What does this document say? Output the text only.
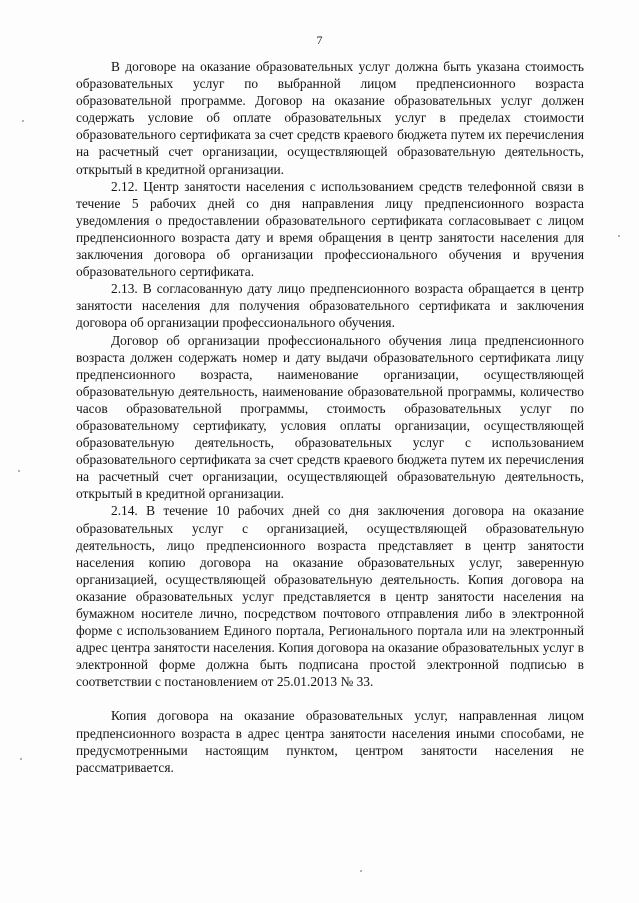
7

В договоре на оказание образовательных услуг должна быть указана стоимость образовательных услуг по выбранной лицом предпенсионного возраста образовательной программе. Договор на оказание образовательных услуг должен содержать условие об оплате образовательных услуг в пределах стоимости образовательного сертификата за счет средств краевого бюджета путем их перечисления на расчетный счет организации, осуществляющей образовательную деятельность, открытый в кредитной организации.

2.12. Центр занятости населения с использованием средств телефонной связи в течение 5 рабочих дней со дня направления лицу предпенсионного возраста уведомления о предоставлении образовательного сертификата согласовывает с лицом предпенсионного возраста дату и время обращения в центр занятости населения для заключения договора об организации профессионального обучения и вручения образовательного сертификата.

2.13. В согласованную дату лицо предпенсионного возраста обращается в центр занятости населения для получения образовательного сертификата и заключения договора об организации профессионального обучения.

Договор об организации профессионального обучения лица предпенсионного возраста должен содержать номер и дату выдачи образовательного сертификата лицу предпенсионного возраста, наименование организации, осуществляющей образовательную деятельность, наименование образовательной программы, количество часов образовательной программы, стоимость образовательных услуг по образовательному сертификату, условия оплаты организации, осуществляющей образовательную деятельность, образовательных услуг с использованием образовательного сертификата за счет средств краевого бюджета путем их перечисления на расчетный счет организации, осуществляющей образовательную деятельность, открытый в кредитной организации.

2.14. В течение 10 рабочих дней со дня заключения договора на оказание образовательных услуг с организацией, осуществляющей образовательную деятельность, лицо предпенсионного возраста представляет в центр занятости населения копию договора на оказание образовательных услуг, заверенную организацией, осуществляющей образовательную деятельность. Копия договора на оказание образовательных услуг представляется в центр занятости населения на бумажном носителе лично, посредством почтового отправления либо в электронной форме с использованием Единого портала, Регионального портала или на электронный адрес центра занятости населения. Копия договора на оказание образовательных услуг в электронной форме должна быть подписана простой электронной подписью в соответствии с постановлением от 25.01.2013 № 33.

Копия договора на оказание образовательных услуг, направленная лицом предпенсионного возраста в адрес центра занятости населения иными способами, не предусмотренными настоящим пунктом, центром занятости населения не рассматривается.
